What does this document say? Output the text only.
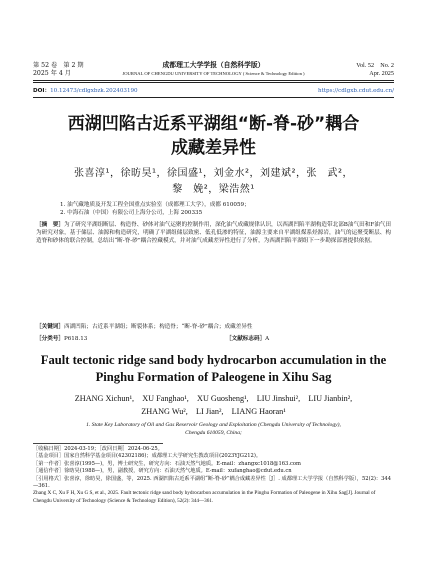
第 52 卷　第 2 期
2025 年 4 月
成都理工大学学报（自然科学版）
JOURNAL OF CHENGDU UNIVERSITY OF TECHNOLOGY ( Science & Technology Edition )
Vol. 52　No. 2
Apr. 2025
DOI：10.12473/cdlgxbzk.202403190	https://cdlgxb.cdut.edu.cn/
西湖凹陷古近系平湖组“断-脊-砂”耦合
成藏差异性
张喜淳¹，徐昉昊¹，徐国盛¹，刘金水²，刘建斌²，张　武²，
黎　娩²，梁浩然¹
1. 油气藏地质及开发工程全国重点实验室（成都理工大学），成都 610059；
2. 中海石油（中国）有限公司上海分公司，上海 200335
［摘　要］为了研究平湖组断层、构造脊、砂体对油气运聚的控制作用，深化油气成藏规律认识，以西湖凹陷平湖构造带北部B油气田和F油气田为研究对象，基于储层、油源和构造研究，明确了平湖组储层致密、低孔低渗的特征，油源主要来自平湖组煤系烃源岩，油气的运聚受断层、构造脊和砂体的联合控制，总结出“断-脊-砂”耦合控藏模式，并对油气成藏差异性进行了分析，为西湖凹陷平湖组下一步勘探部署提供依据。
［关键词］西湖凹陷；古近系平湖组；断裂体系；构造脊；“断-脊-砂”耦合；成藏差异性
［分类号］P618.13	［文献标志码］A
Fault tectonic ridge sand body hydrocarbon accumulation in the
Pinghu Formation of Paleogene in Xihu Sag
ZHANG Xichun¹,　XU Fanghao¹,　XU Guosheng¹,　LIU Jinshui²,　LIU Jianbin²,
ZHANG Wu²,　LI Jian²,　LIANG Haoran¹
1. State Key Laboratory of Oil and Gas Reservoir Geology and Exploitation (Chengdu University of Technology),
Chengdu 610059, China;
［收稿日期］2024-03-19；［改回日期］2024-06-25。
［基金项目］国家自然科学基金项目(42302186)；成都理工大学研究生教改项目(2023YJG212)。
［第一作者］张喜淳(1995—)，男，博士研究生，研究方向：石油天然气地质。E-mail：zhangxc1018@163.com
［通信作者］徐昉昊(1988—)，男，副教授，研究方向：石油天然气地质。E-mail：xufanghao@cdut.edu.cn
［引用格式］张喜淳，徐昉昊，徐国盛，等，2025. 西湖凹陷古近系平湖组“断-脊-砂”耦合成藏差异性［J］. 成都理工大学学报（自然科学版），52(2)：344—361.
Zhang X C, Xu F H, Xu G S, et al., 2025. Fault tectonic ridge sand body hydrocarbon accumulation in the Pinghu Formation of Paleogene in Xihu Sag[J]. Journal of Chengdu University of Technology (Science & Technology Edition), 52(2): 344—361.
